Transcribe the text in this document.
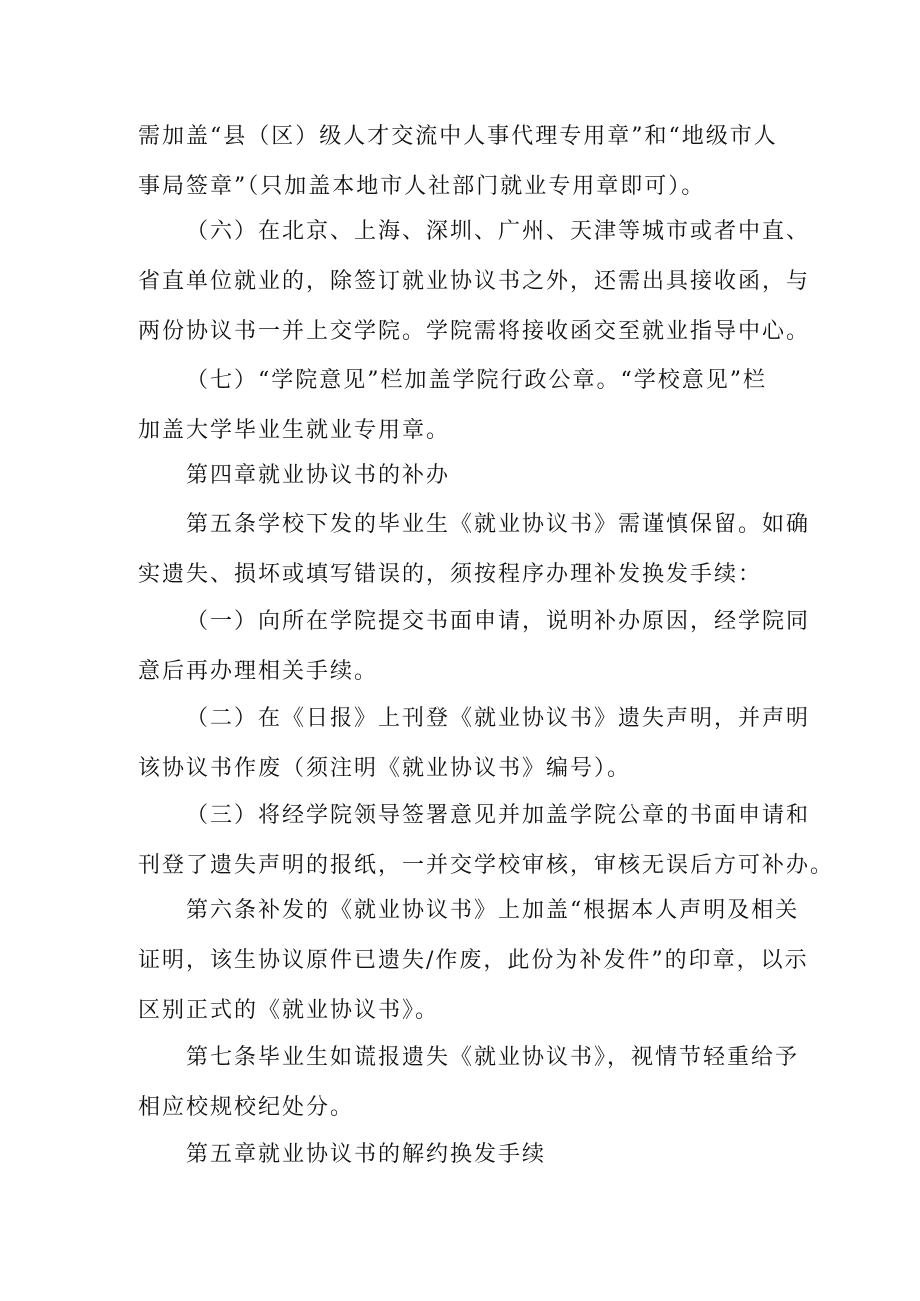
需加盖“县（区）级人才交流中人事代理专用章”和“地级市人
事局签章”（只加盖本地市人社部门就业专用章即可）。

（六）在北京、上海、深圳、广州、天津等城市或者中直、
省直单位就业的，除签订就业协议书之外，还需出具接收函，与
两份协议书一并上交学院。学院需将接收函交至就业指导中心。

（七）“学院意见”栏加盖学院行政公章。“学校意见”栏
加盖大学毕业生就业专用章。

第四章就业协议书的补办

第五条学校下发的毕业生《就业协议书》需谨慎保留。如确
实遗失、损坏或填写错误的，须按程序办理补发换发手续：

（一）向所在学院提交书面申请，说明补办原因，经学院同
意后再办理相关手续。

（二）在《日报》上刊登《就业协议书》遗失声明，并声明
该协议书作废（须注明《就业协议书》编号）。

（三）将经学院领导签署意见并加盖学院公章的书面申请和
刊登了遗失声明的报纸，一并交学校审核，审核无误后方可补办。

第六条补发的《就业协议书》上加盖“根据本人声明及相关
证明，该生协议原件已遗失/作废，此份为补发件”的印章，以示
区别正式的《就业协议书》。

第七条毕业生如谎报遗失《就业协议书》，视情节轻重给予
相应校规校纪处分。

第五章就业协议书的解约换发手续
